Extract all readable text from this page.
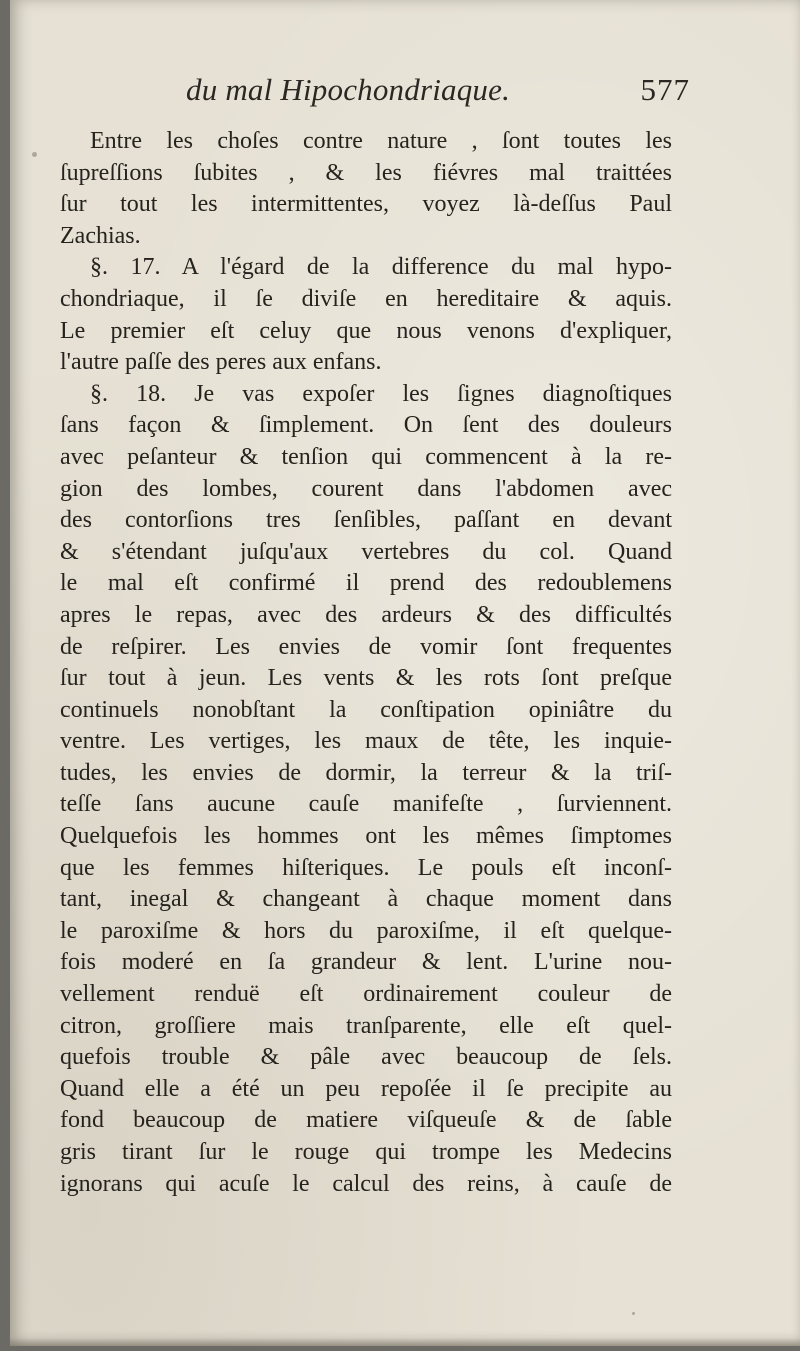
du mal Hipochondriaque.	577
Entre les choſes contre nature , ſont toutes les
ſupreſſions ſubites , & les fiévres mal traittées
ſur tout les intermittentes, voyez là-deſſus Paul
Zachias.
§. 17. A l'égard de la difference du mal hypo-
chondriaque, il ſe diviſe en hereditaire & aquis.
Le premier eſt celuy que nous venons d'expliquer,
l'autre paſſe des peres aux enfans.
§. 18. Je vas expoſer les ſignes diagnoſtiques
ſans façon & ſimplement. On ſent des douleurs
avec peſanteur & tenſion qui commencent à la re-
gion des lombes, courent dans l'abdomen avec
des contorſions tres ſenſibles, paſſant en devant
& s'étendant juſqu'aux vertebres du col. Quand
le mal eſt confirmé il prend des redoublemens
apres le repas, avec des ardeurs & des difficultés
de reſpirer. Les envies de vomir ſont frequentes
ſur tout à jeun. Les vents & les rots ſont preſque
continuels nonobſtant la conſtipation opiniâtre du
ventre. Les vertiges, les maux de tête, les inquie-
tudes, les envies de dormir, la terreur & la triſ-
teſſe ſans aucune cauſe manifeſte , ſurviennent.
Quelquefois les hommes ont les mêmes ſimptomes
que les femmes hiſteriques. Le pouls eſt inconſ-
tant, inegal & changeant à chaque moment dans
le paroxiſme & hors du paroxiſme, il eſt quelque-
fois moderé en ſa grandeur & lent. L'urine nou-
vellement renduë eſt ordinairement couleur de
citron, groſſiere mais tranſparente, elle eſt quel-
quefois trouble & pâle avec beaucoup de ſels.
Quand elle a été un peu repoſée il ſe precipite au
fond beaucoup de matiere viſqueuſe & de ſable
gris tirant ſur le rouge qui trompe les Medecins
ignorans qui acuſe le calcul des reins, à cauſe de
